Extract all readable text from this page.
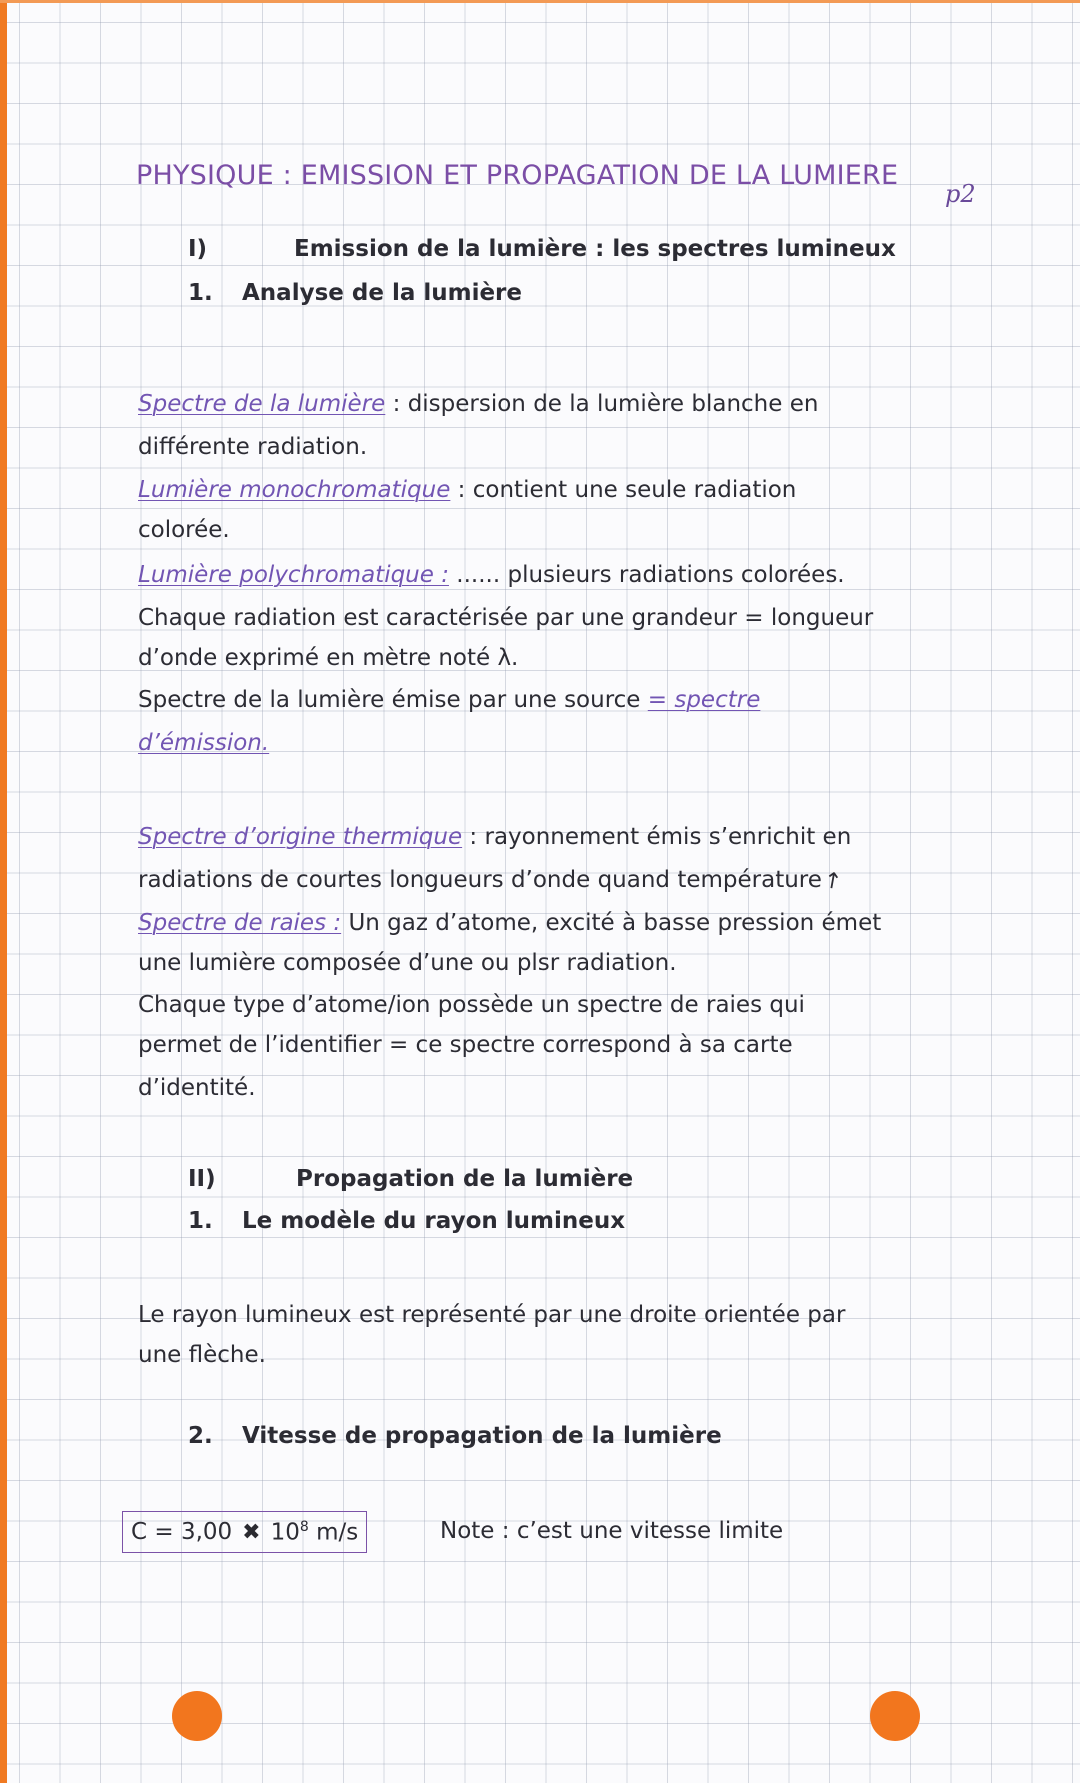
PHYSIQUE : EMISSION ET PROPAGATION DE LA LUMIERE
p2
I)	Emission de la lumière : les spectres lumineux
1. Analyse de la lumière
Spectre de la lumière : dispersion de la lumière blanche en
différente radiation.
Lumière monochromatique : contient une seule radiation
colorée.
Lumière polychromatique : ...... plusieurs radiations colorées.
Chaque radiation est caractérisée par une grandeur = longueur
d’onde exprimé en mètre noté λ.
Spectre de la lumière émise par une source = spectre
d’émission.
Spectre d’origine thermique : rayonnement émis s’enrichit en
radiations de courtes longueurs d’onde quand température↗
Spectre de raies : Un gaz d’atome, excité à basse pression émet
une lumière composée d’une ou plsr radiation.
Chaque type d’atome/ion possède un spectre de raies qui
permet de l’identifier = ce spectre correspond à sa carte
d’identité.
II)	Propagation de la lumière
1. Le modèle du rayon lumineux
Le rayon lumineux est représenté par une droite orientée par
une flèche.
2. Vitesse de propagation de la lumière
C = 3,00 ✖ $10^8$ m/s	Note : c’est une vitesse limite
